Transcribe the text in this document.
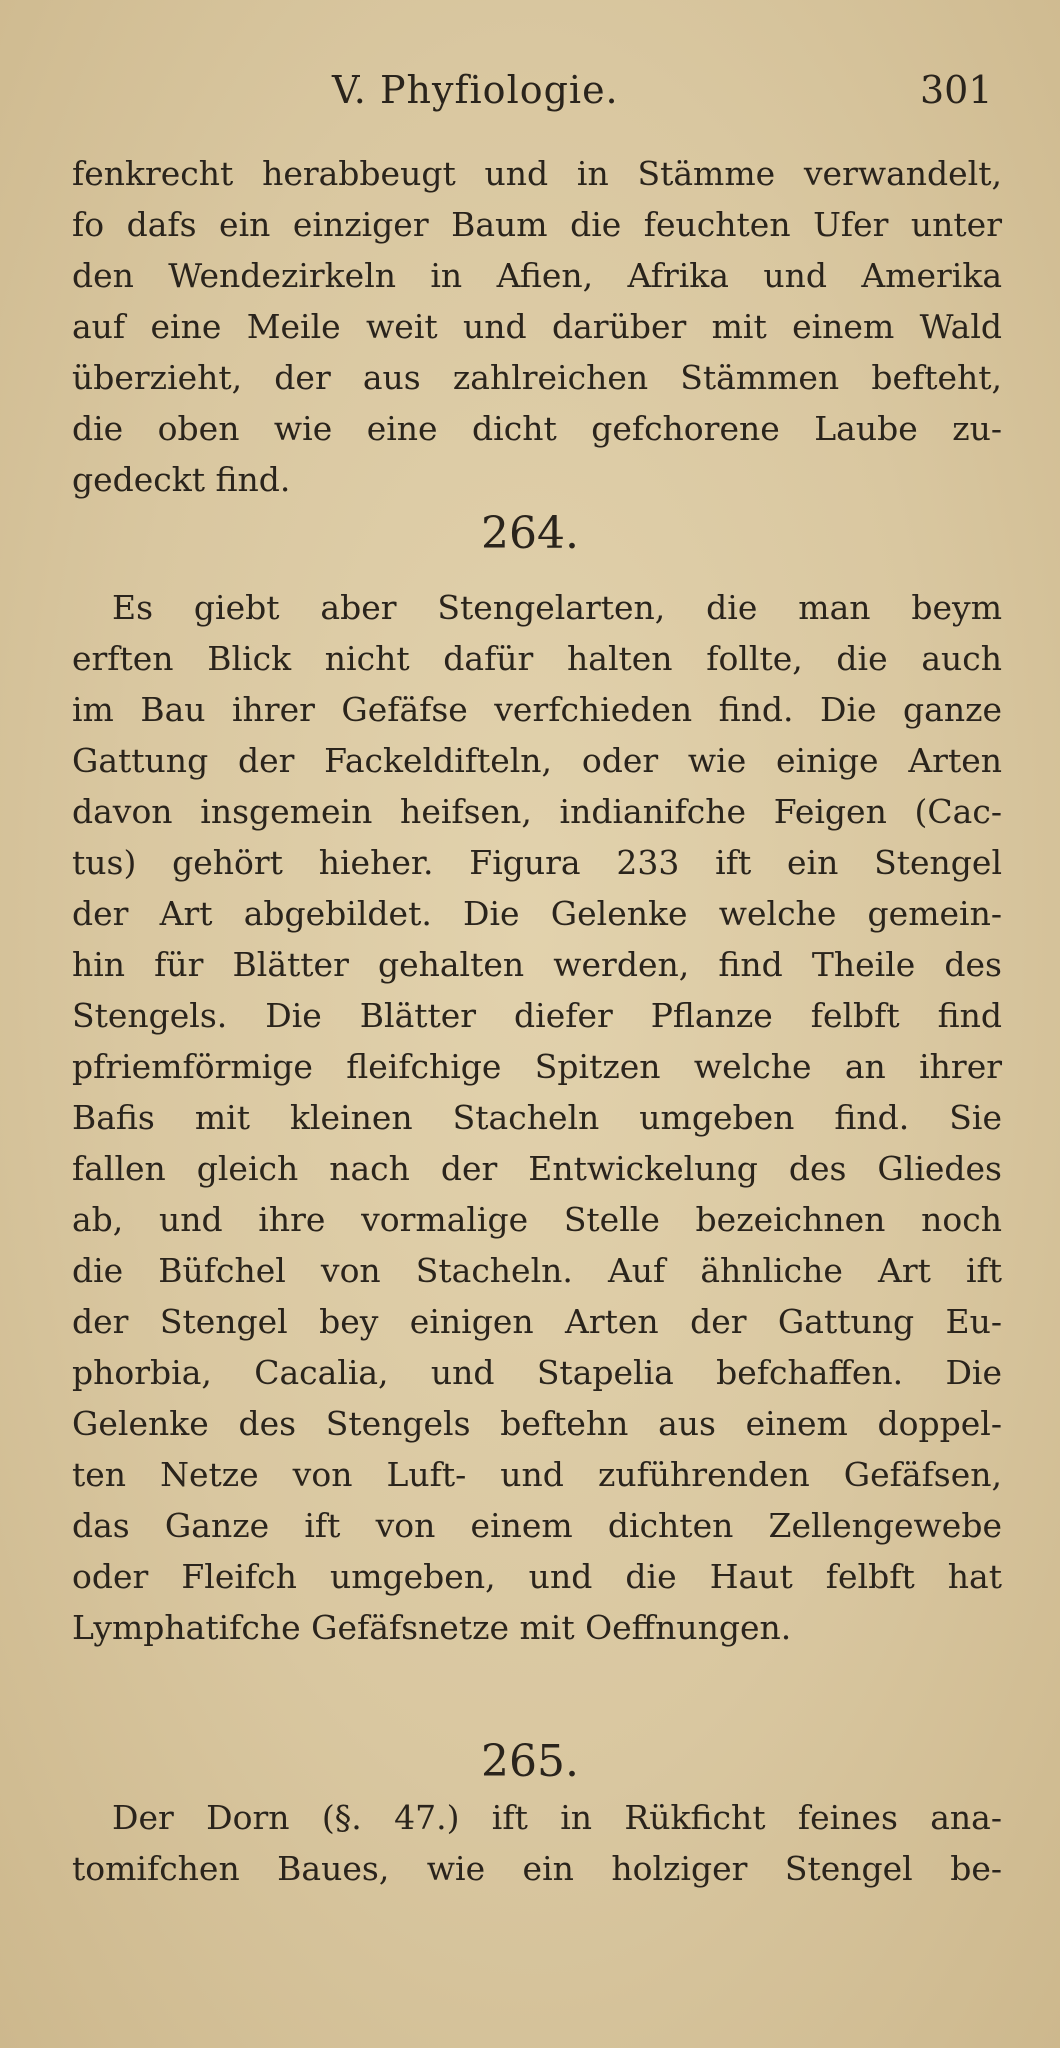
V. Phyfiologie.	301
fenkrecht herabbeugt und in Stämme verwandelt,
fo dafs ein einziger Baum die feuchten Ufer unter
den Wendezirkeln in Afien, Afrika und Amerika
auf eine Meile weit und darüber mit einem Wald
überzieht, der aus zahlreichen Stämmen befteht,
die oben wie eine dicht gefchorene Laube zu-
gedeckt find.
264.
Es giebt aber Stengelarten, die man beym
erften Blick nicht dafür halten follte, die auch
im Bau ihrer Gefäfse verfchieden find. Die ganze
Gattung der Fackeldifteln, oder wie einige Arten
davon insgemein heifsen, indianifche Feigen (Cac-
tus) gehört hieher. Figura 233 ift ein Stengel
der Art abgebildet. Die Gelenke welche gemein-
hin für Blätter gehalten werden, find Theile des
Stengels. Die Blätter diefer Pflanze felbft find
pfriemförmige fleifchige Spitzen welche an ihrer
Bafis mit kleinen Stacheln umgeben find. Sie
fallen gleich nach der Entwickelung des Gliedes
ab, und ihre vormalige Stelle bezeichnen noch
die Büfchel von Stacheln. Auf ähnliche Art ift
der Stengel bey einigen Arten der Gattung Eu-
phorbia, Cacalia, und Stapelia befchaffen. Die
Gelenke des Stengels beftehn aus einem doppel-
ten Netze von Luft- und zuführenden Gefäfsen,
das Ganze ift von einem dichten Zellengewebe
oder Fleifch umgeben, und die Haut felbft hat
Lymphatifche Gefäfsnetze mit Oeffnungen.
265.
Der Dorn (§. 47.) ift in Rükficht feines ana-
tomifchen Baues, wie ein holziger Stengel be-
